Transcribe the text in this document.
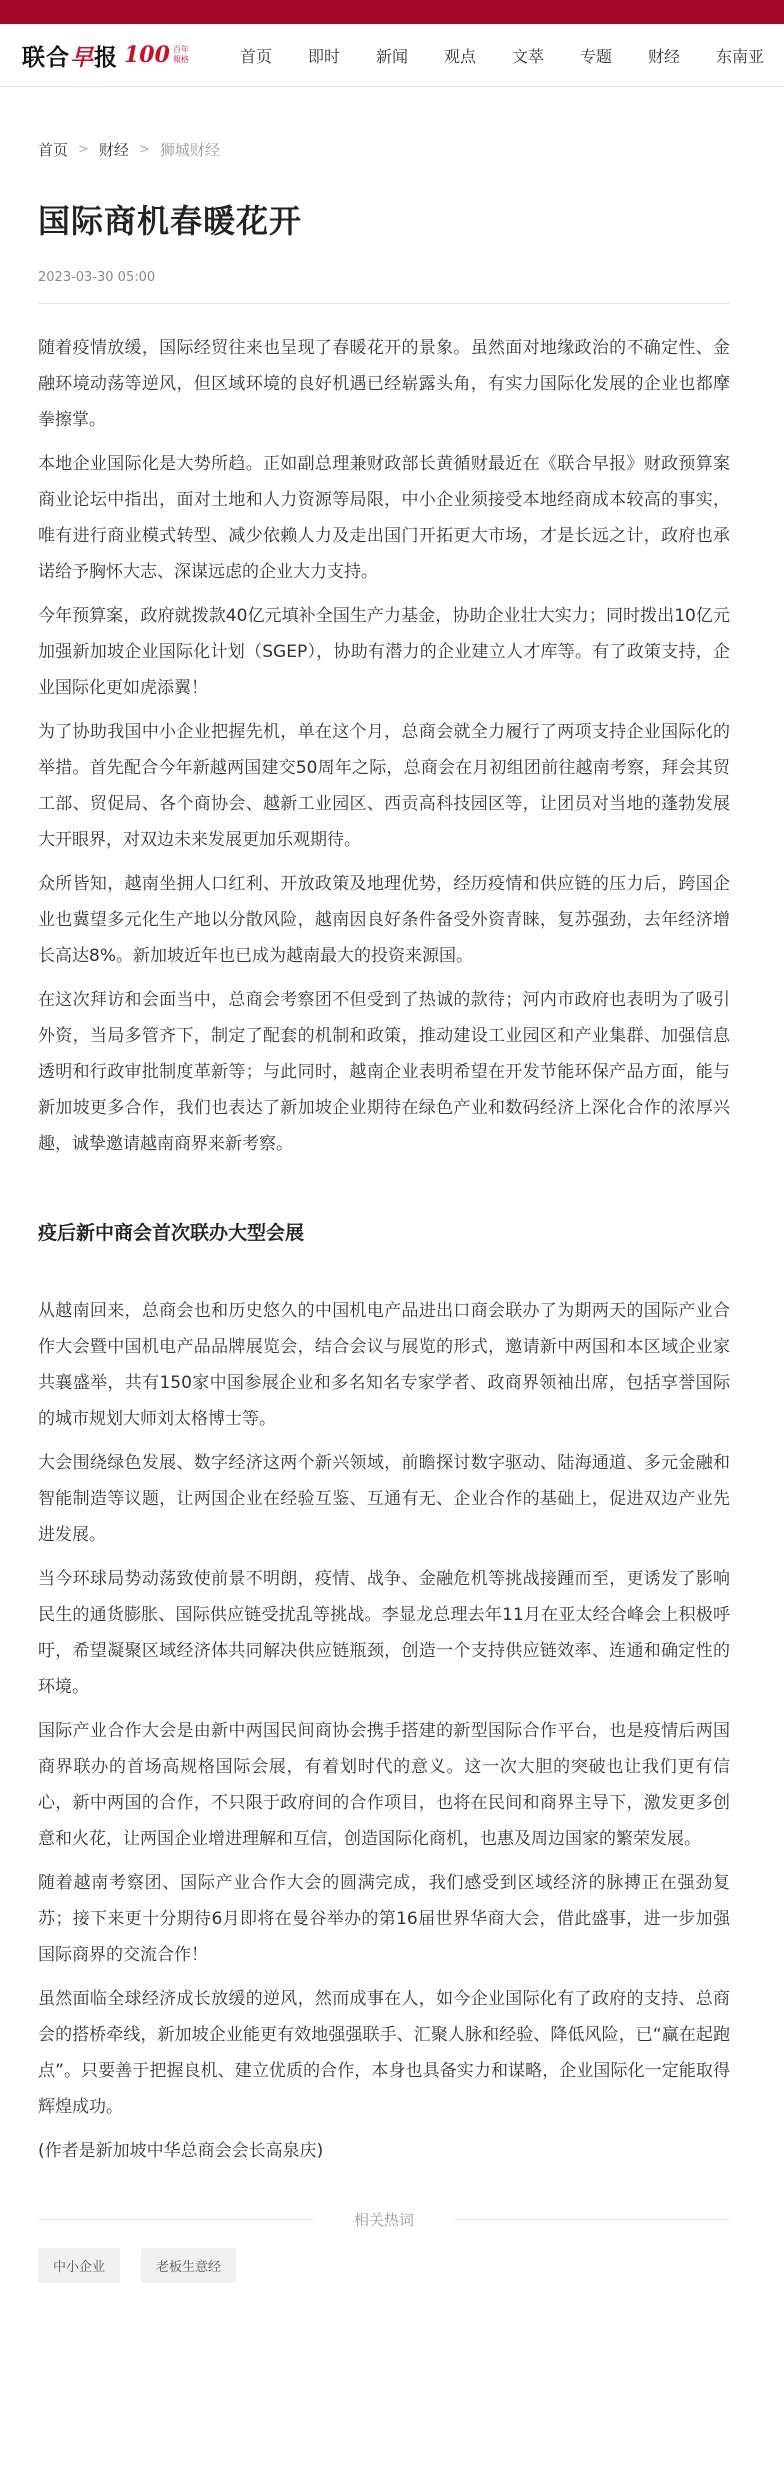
联合早报 100 百年報格	首页	即时	新闻	观点	文萃	专题	财经	东南亚
首页 > 财经 > 狮城财经
国际商机春暖花开
2023-03-30 05:00

随着疫情放缓，国际经贸往来也呈现了春暖花开的景象。虽然面对地缘政治的不确定性、金融环境动荡等逆风，但区域环境的良好机遇已经崭露头角，有实力国际化发展的企业也都摩拳擦掌。

本地企业国际化是大势所趋。正如副总理兼财政部长黄循财最近在《联合早报》财政预算案商业论坛中指出，面对土地和人力资源等局限，中小企业须接受本地经商成本较高的事实，唯有进行商业模式转型、减少依赖人力及走出国门开拓更大市场，才是长远之计，政府也承诺给予胸怀大志、深谋远虑的企业大力支持。

今年预算案，政府就拨款40亿元填补全国生产力基金，协助企业壮大实力；同时拨出10亿元加强新加坡企业国际化计划（SGEP），协助有潜力的企业建立人才库等。有了政策支持，企业国际化更如虎添翼！

为了协助我国中小企业把握先机，单在这个月，总商会就全力履行了两项支持企业国际化的举措。首先配合今年新越两国建交50周年之际，总商会在月初组团前往越南考察，拜会其贸工部、贸促局、各个商协会、越新工业园区、西贡高科技园区等，让团员对当地的蓬勃发展大开眼界，对双边未来发展更加乐观期待。

众所皆知，越南坐拥人口红利、开放政策及地理优势，经历疫情和供应链的压力后，跨国企业也冀望多元化生产地以分散风险，越南因良好条件备受外资青睐，复苏强劲，去年经济增长高达8%。新加坡近年也已成为越南最大的投资来源国。

在这次拜访和会面当中，总商会考察团不但受到了热诚的款待；河内市政府也表明为了吸引外资，当局多管齐下，制定了配套的机制和政策，推动建设工业园区和产业集群、加强信息透明和行政审批制度革新等；与此同时，越南企业表明希望在开发节能环保产品方面，能与新加坡更多合作，我们也表达了新加坡企业期待在绿色产业和数码经济上深化合作的浓厚兴趣，诚挚邀请越南商界来新考察。

疫后新中商会首次联办大型会展

从越南回来，总商会也和历史悠久的中国机电产品进出口商会联办了为期两天的国际产业合作大会暨中国机电产品品牌展览会，结合会议与展览的形式，邀请新中两国和本区域企业家共襄盛举，共有150家中国参展企业和多名知名专家学者、政商界领袖出席，包括享誉国际的城市规划大师刘太格博士等。

大会围绕绿色发展、数字经济这两个新兴领域，前瞻探讨数字驱动、陆海通道、多元金融和智能制造等议题，让两国企业在经验互鉴、互通有无、企业合作的基础上，促进双边产业先进发展。

当今环球局势动荡致使前景不明朗，疫情、战争、金融危机等挑战接踵而至，更诱发了影响民生的通货膨胀、国际供应链受扰乱等挑战。李显龙总理去年11月在亚太经合峰会上积极呼吁，希望凝聚区域经济体共同解决供应链瓶颈，创造一个支持供应链效率、连通和确定性的环境。

国际产业合作大会是由新中两国民间商协会携手搭建的新型国际合作平台，也是疫情后两国商界联办的首场高规格国际会展，有着划时代的意义。这一次大胆的突破也让我们更有信心，新中两国的合作，不只限于政府间的合作项目，也将在民间和商界主导下，激发更多创意和火花，让两国企业增进理解和互信，创造国际化商机，也惠及周边国家的繁荣发展。

随着越南考察团、国际产业合作大会的圆满完成，我们感受到区域经济的脉搏正在强劲复苏；接下来更十分期待6月即将在曼谷举办的第16届世界华商大会，借此盛事，进一步加强国际商界的交流合作！

虽然面临全球经济成长放缓的逆风，然而成事在人，如今企业国际化有了政府的支持、总商会的搭桥牵线，新加坡企业能更有效地强强联手、汇聚人脉和经验、降低风险，已“赢在起跑点”。只要善于把握良机、建立优质的合作，本身也具备实力和谋略，企业国际化一定能取得辉煌成功。

(作者是新加坡中华总商会会长高泉庆)

相关热词
中小企业	老板生意经
